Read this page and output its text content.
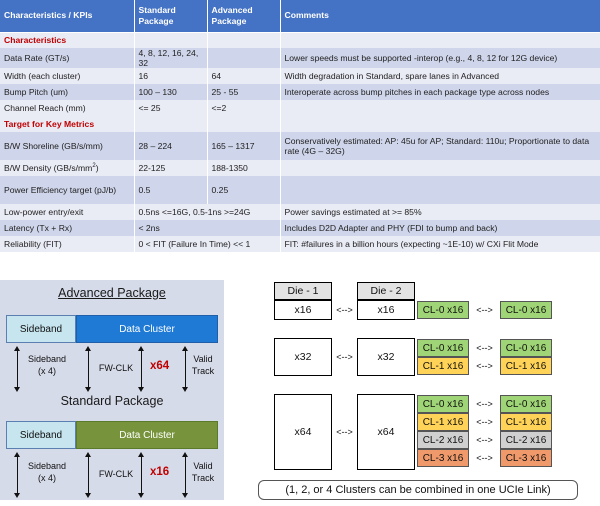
Characteristics / KPIs	Standard Package	Advanced Package	Comments
Characteristics			
Data Rate (GT/s)	4, 8, 12, 16, 24, 32		Lower speeds must be supported -interop (e.g., 4, 8, 12 for 12G device)
Width (each cluster)	16	64	Width degradation in Standard, spare lanes in Advanced
Bump Pitch (um)	100 – 130	25 - 55	Interoperate across bump pitches in each package type across nodes
Channel Reach (mm)	<= 25	<=2	
Target for Key Metrics			
B/W Shoreline (GB/s/mm)	28 – 224	165 – 1317	Conservatively estimated: AP: 45u for AP; Standard: 110u; Proportionate to data rate (4G – 32G)
B/W Density $(GB/s/mm^2)$	22-125	188-1350	
Power Efficiency target (pJ/b)	0.5	0.25	
Low-power entry/exit	0.5ns <=16G, 0.5-1ns >=24G		Power savings estimated at >= 85%
Latency (Tx + Rx)	< 2ns		Includes D2D Adapter and PHY (FDI to bump and back)
Reliability (FIT)	0 < FIT (Failure In Time) << 1		FIT: #failures in a billion hours (expecting ~1E-10) w/ CXi Flit Mode
Advanced Package
Sideband	Data Cluster
Sideband
(x 4)	FW-CLK	x64
Valid
Track
Standard Package
Sideband	Data Cluster
Sideband
(x 4)	FW-CLK	x16	Valid
Track
Die - 1	Die - 2
x16	<-->	x16	CL-0 x16	<-->	CL-0 x16
x32	<-->	x32
CL-0 x16
CL-1 x16
<-->
<-->
CL-0 x16
CL-1 x16
x64	<-->	x64
CL-0 x16
CL-1 x16
CL-2 x16
CL-3 x16
<-->
<-->
<-->
<-->
CL-0 x16
CL-1 x16
CL-2 x16
CL-3 x16
(1, 2, or 4 Clusters can be combined in one UCIe Link)
